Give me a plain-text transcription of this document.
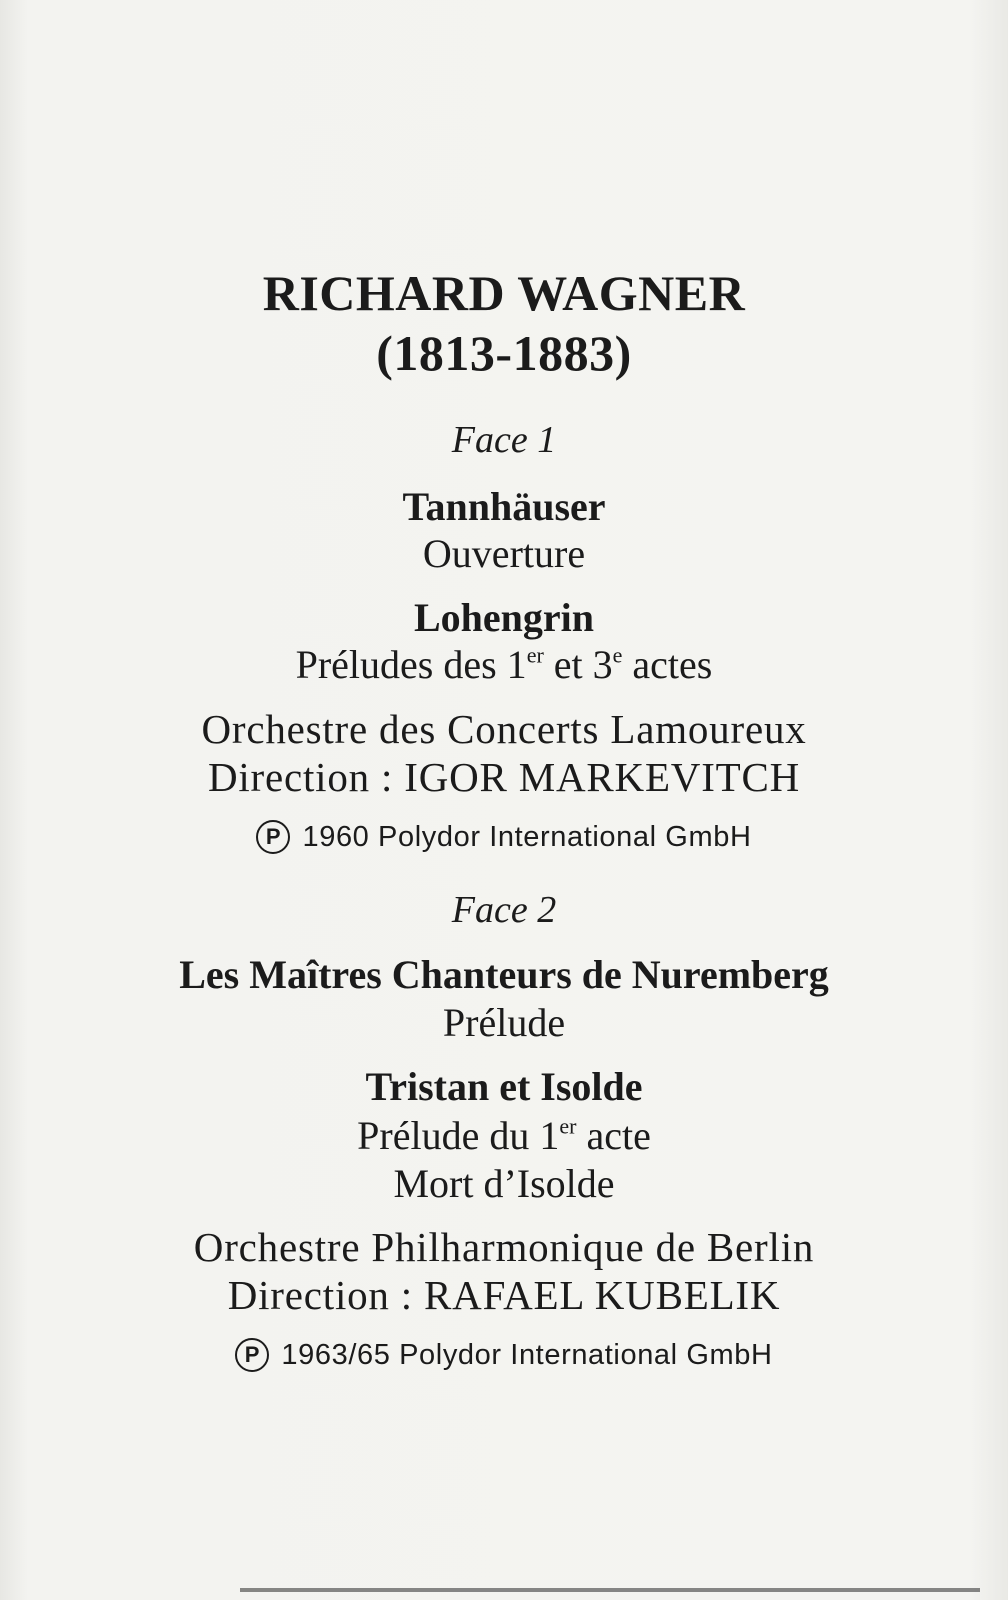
RICHARD WAGNER
(1813-1883)
Face 1
Tannhäuser
Ouverture
Lohengrin
Préludes des 1er et 3e actes
Orchestre des Concerts Lamoureux
Direction : IGOR MARKEVITCH
P 1960 Polydor International GmbH
Face 2
Les Maîtres Chanteurs de Nuremberg
Prélude
Tristan et Isolde
Prélude du 1er acte
Mort d’Isolde
Orchestre Philharmonique de Berlin
Direction : RAFAEL KUBELIK
P 1963/65 Polydor International GmbH
